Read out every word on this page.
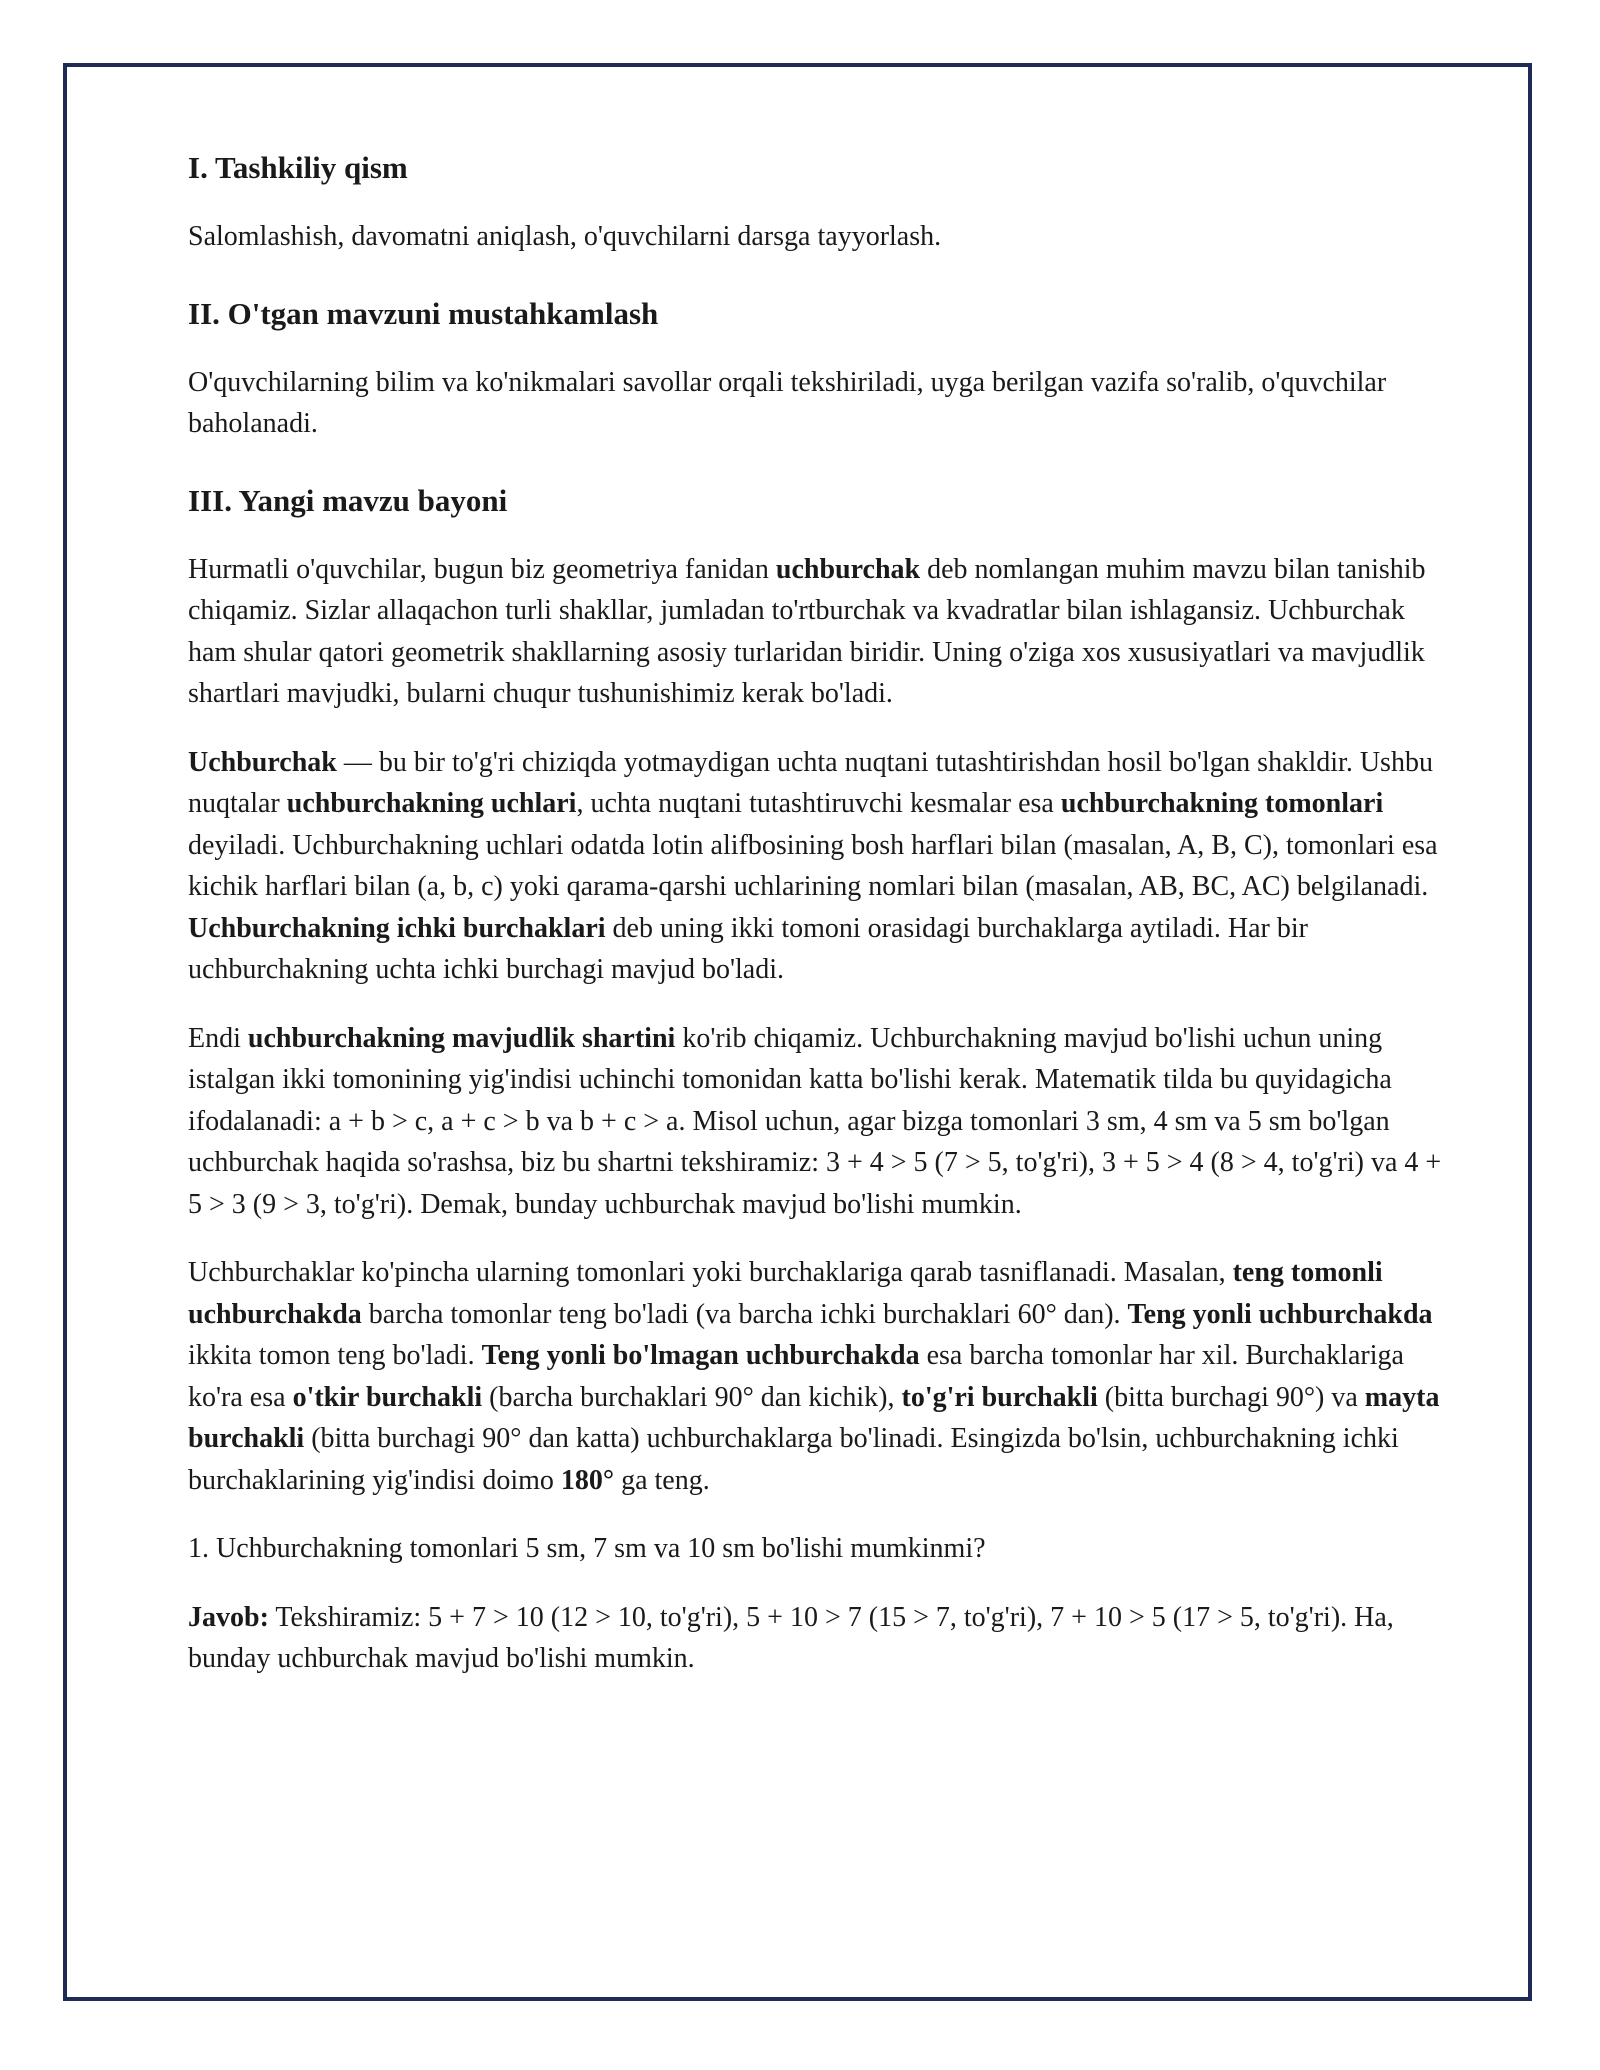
I. Tashkiliy qism

Salomlashish, davomatni aniqlash, o'quvchilarni darsga tayyorlash.

II. O'tgan mavzuni mustahkamlash

O'quvchilarning bilim va ko'nikmalari savollar orqali tekshiriladi, uyga berilgan vazifa so'ralib, o'quvchilar baholanadi.

III. Yangi mavzu bayoni

Hurmatli o'quvchilar, bugun biz geometriya fanidan uchburchak deb nomlangan muhim mavzu bilan tanishib chiqamiz. Sizlar allaqachon turli shakllar, jumladan to'rtburchak va kvadratlar bilan ishlagansiz. Uchburchak ham shular qatori geometrik shakllarning asosiy turlaridan biridir. Uning o'ziga xos xususiyatlari va mavjudlik shartlari mavjudki, bularni chuqur tushunishimiz kerak bo'ladi.

Uchburchak — bu bir to'g'ri chiziqda yotmaydigan uchta nuqtani tutashtirishdan hosil bo'lgan shakldir. Ushbu nuqtalar uchburchakning uchlari, uchta nuqtani tutashtiruvchi kesmalar esa uchburchakning tomonlari deyiladi. Uchburchakning uchlari odatda lotin alifbosining bosh harflari bilan (masalan, A, B, C), tomonlari esa kichik harflari bilan (a, b, c) yoki qarama-qarshi uchlarining nomlari bilan (masalan, AB, BC, AC) belgilanadi. Uchburchakning ichki burchaklari deb uning ikki tomoni orasidagi burchaklarga aytiladi. Har bir uchburchakning uchta ichki burchagi mavjud bo'ladi.

Endi uchburchakning mavjudlik shartini ko'rib chiqamiz. Uchburchakning mavjud bo'lishi uchun uning istalgan ikki tomonining yig'indisi uchinchi tomonidan katta bo'lishi kerak. Matematik tilda bu quyidagicha ifodalanadi: a + b > c, a + c > b va b + c > a. Misol uchun, agar bizga tomonlari 3 sm, 4 sm va 5 sm bo'lgan uchburchak haqida so'rashsa, biz bu shartni tekshiramiz: 3 + 4 > 5 (7 > 5, to'g'ri), 3 + 5 > 4 (8 > 4, to'g'ri) va 4 + 5 > 3 (9 > 3, to'g'ri). Demak, bunday uchburchak mavjud bo'lishi mumkin.

Uchburchaklar ko'pincha ularning tomonlari yoki burchaklariga qarab tasniflanadi. Masalan, teng tomonli uchburchakda barcha tomonlar teng bo'ladi (va barcha ichki burchaklari 60° dan). Teng yonli uchburchakda ikkita tomon teng bo'ladi. Teng yonli bo'lmagan uchburchakda esa barcha tomonlar har xil. Burchaklariga ko'ra esa o'tkir burchakli (barcha burchaklari 90° dan kichik), to'g'ri burchakli (bitta burchagi 90°) va mayta burchakli (bitta burchagi 90° dan katta) uchburchaklarga bo'linadi. Esingizda bo'lsin, uchburchakning ichki burchaklarining yig'indisi doimo 180° ga teng.

1. Uchburchakning tomonlari 5 sm, 7 sm va 10 sm bo'lishi mumkinmi?

Javob: Tekshiramiz: 5 + 7 > 10 (12 > 10, to'g'ri), 5 + 10 > 7 (15 > 7, to'g'ri), 7 + 10 > 5 (17 > 5, to'g'ri). Ha, bunday uchburchak mavjud bo'lishi mumkin.
